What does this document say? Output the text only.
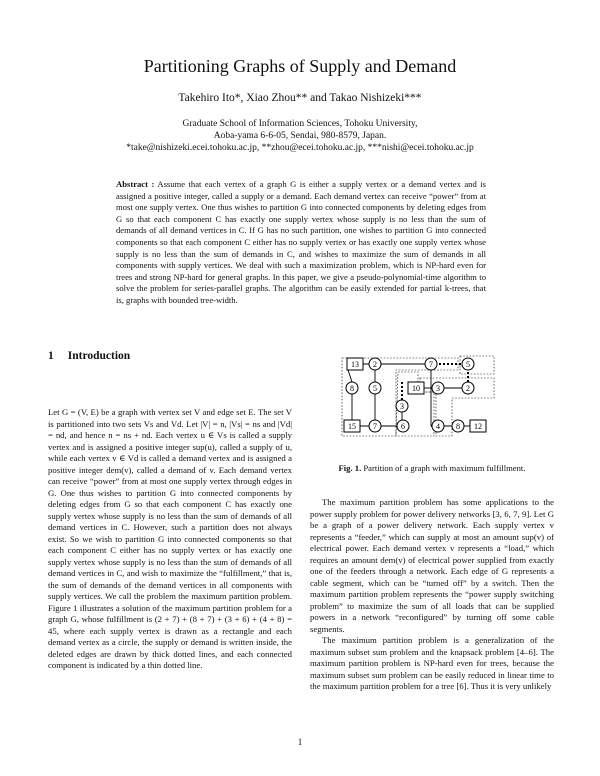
Partitioning Graphs of Supply and Demand
Takehiro Ito*, Xiao Zhou** and Takao Nishizeki***
Graduate School of Information Sciences, Tohoku University,
Aoba-yama 6-6-05, Sendai, 980-8579, Japan.
*take@nishizeki.ecei.tohoku.ac.jp, **zhou@ecei.tohoku.ac.jp, ***nishi@ecei.tohoku.ac.jp
Abstract : Assume that each vertex of a graph G is either a supply vertex or a demand vertex and is assigned a positive integer, called a supply or a demand. Each demand vertex can receive “power” from at most one supply vertex. One thus wishes to partition G into connected components by deleting edges from G so that each component C has exactly one supply vertex whose supply is no less than the sum of demands of all demand vertices in C. If G has no such partition, one wishes to partition G into connected components so that each component C either has no supply vertex or has exactly one supply vertex whose supply is no less than the sum of demands in C, and wishes to maximize the sum of demands in all components with supply vertices. We deal with such a maximization problem, which is NP-hard even for trees and strong NP-hard for general graphs. In this paper, we give a pseudo-polynomial-time algorithm to solve the problem for series-parallel graphs. The algorithm can be easily extended for partial k-trees, that is, graphs with bounded tree-width.
1 Introduction

Let G = (V, E) be a graph with vertex set V and edge set E. The set V is partitioned into two sets Vs and Vd. Let |V| = n, |Vs| = ns and |Vd| = nd, and hence n = ns + nd. Each vertex u ∈ Vs is called a supply vertex and is assigned a positive integer sup(u), called a supply of u, while each vertex v ∈ Vd is called a demand vertex and is assigned a positive integer dem(v), called a demand of v. Each demand vertex can receive “power” from at most one supply vertex through edges in G. One thus wishes to partition G into connected components by deleting edges from G so that each component C has exactly one supply vertex whose supply is no less than the sum of demands of all demand vertices in C. However, such a partition does not always exist. So we wish to partition G into connected components so that each component C either has no supply vertex or has exactly one supply vertex whose supply is no less than the sum of demands of all demand vertices in C, and wish to maximize the “fulfillment,” that is, the sum of demands of the demand vertices in all components with supply vertices. We call the problem the maximum partition problem. Figure 1 illustrates a solution of the maximum partition problem for a graph G, whose fulfillment is (2 + 7) + (8 + 7) + (3 + 6) + (4 + 8) = 45, where each supply vertex is drawn as a rectangle and each demand vertex as a circle, the supply or demand is written inside, the deleted edges are drawn by thick dotted lines, and each connected component is indicated by a thin dotted line.

13
10
15	12
2	7	5
8 5	3	2
7	6	4 8
3
Fig. 1. Partition of a graph with maximum fulfillment.

The maximum partition problem has some applications to the power supply problem for power delivery networks [3, 6, 7, 9]. Let G be a graph of a power delivery network. Each supply vertex v represents a “feeder,” which can supply at most an amount sup(v) of electrical power. Each demand vertex v represents a “load,” which requires an amount dem(v) of electrical power supplied from exactly one of the feeders through a network. Each edge of G represents a cable segment, which can be “turned off” by a switch. Then the maximum partition problem represents the “power supply switching problem” to maximize the sum of all loads that can be supplied powers in a network “reconfigured” by turning off some cable segments.

The maximum partition problem is a generalization of the maximum subset sum problem and the knapsack problem [4–6]. The maximum partition problem is NP-hard even for trees, because the maximum subset sum problem can be easily reduced in linear time to the maximum partition problem for a tree [6]. Thus it is very unlikely

1
